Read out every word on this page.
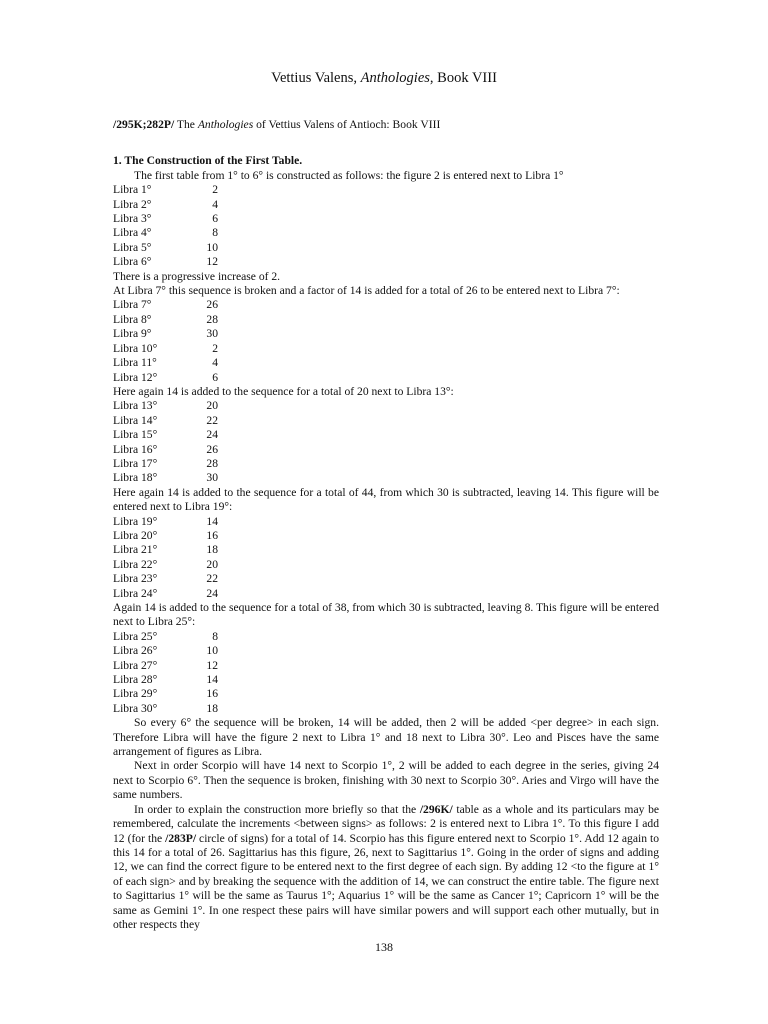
Vettius Valens, Anthologies, Book VIII
/295K;282P/ The Anthologies of Vettius Valens of Antioch: Book VIII
1. The Construction of the First Table.
The first table from 1° to 6° is constructed as follows: the figure 2 is entered next to Libra 1°
Libra 1°	2
Libra 2°	4
Libra 3°	6
Libra 4°	8
Libra 5°	10
Libra 6°	12
There is a progressive increase of 2.
At Libra 7° this sequence is broken and a factor of 14 is added for a total of 26 to be entered next to Libra 7°:
Libra 7°	26
Libra 8°	28
Libra 9°	30
Libra 10°	2
Libra 11°	4
Libra 12°	6
Here again 14 is added to the sequence for a total of 20 next to Libra 13°:
Libra 13°	20
Libra 14°	22
Libra 15°	24
Libra 16°	26
Libra 17°	28
Libra 18°	30
Here again 14 is added to the sequence for a total of 44, from which 30 is subtracted, leaving 14. This figure will be entered next to Libra 19°:
Libra 19°	14
Libra 20°	16
Libra 21°	18
Libra 22°	20
Libra 23°	22
Libra 24°	24
Again 14 is added to the sequence for a total of 38, from which 30 is subtracted, leaving 8. This figure will be entered next to Libra 25°:
Libra 25°	8
Libra 26°	10
Libra 27°	12
Libra 28°	14
Libra 29°	16
Libra 30°	18
So every 6° the sequence will be broken, 14 will be added, then 2 will be added <per degree> in each sign. Therefore Libra will have the figure 2 next to Libra 1° and 18 next to Libra 30°. Leo and Pisces have the same arrangement of figures as Libra.
Next in order Scorpio will have 14 next to Scorpio 1°, 2 will be added to each degree in the series, giving 24 next to Scorpio 6°. Then the sequence is broken, finishing with 30 next to Scorpio 30°. Aries and Virgo will have the same numbers.
In order to explain the construction more briefly so that the /296K/ table as a whole and its particulars may be remembered, calculate the increments <between signs> as follows: 2 is entered next to Libra 1°. To this figure I add 12 (for the /283P/ circle of signs) for a total of 14. Scorpio has this figure entered next to Scorpio 1°. Add 12 again to this 14 for a total of 26. Sagittarius has this figure, 26, next to Sagittarius 1°. Going in the order of signs and adding 12, we can find the correct figure to be entered next to the first degree of each sign. By adding 12 <to the figure at 1° of each sign> and by breaking the sequence with the addition of 14, we can construct the entire table. The figure next to Sagittarius 1° will be the same as Taurus 1°; Aquarius 1° will be the same as Cancer 1°; Capricorn 1° will be the same as Gemini 1°. In one respect these pairs will have similar powers and will support each other mutually, but in other respects they
138
